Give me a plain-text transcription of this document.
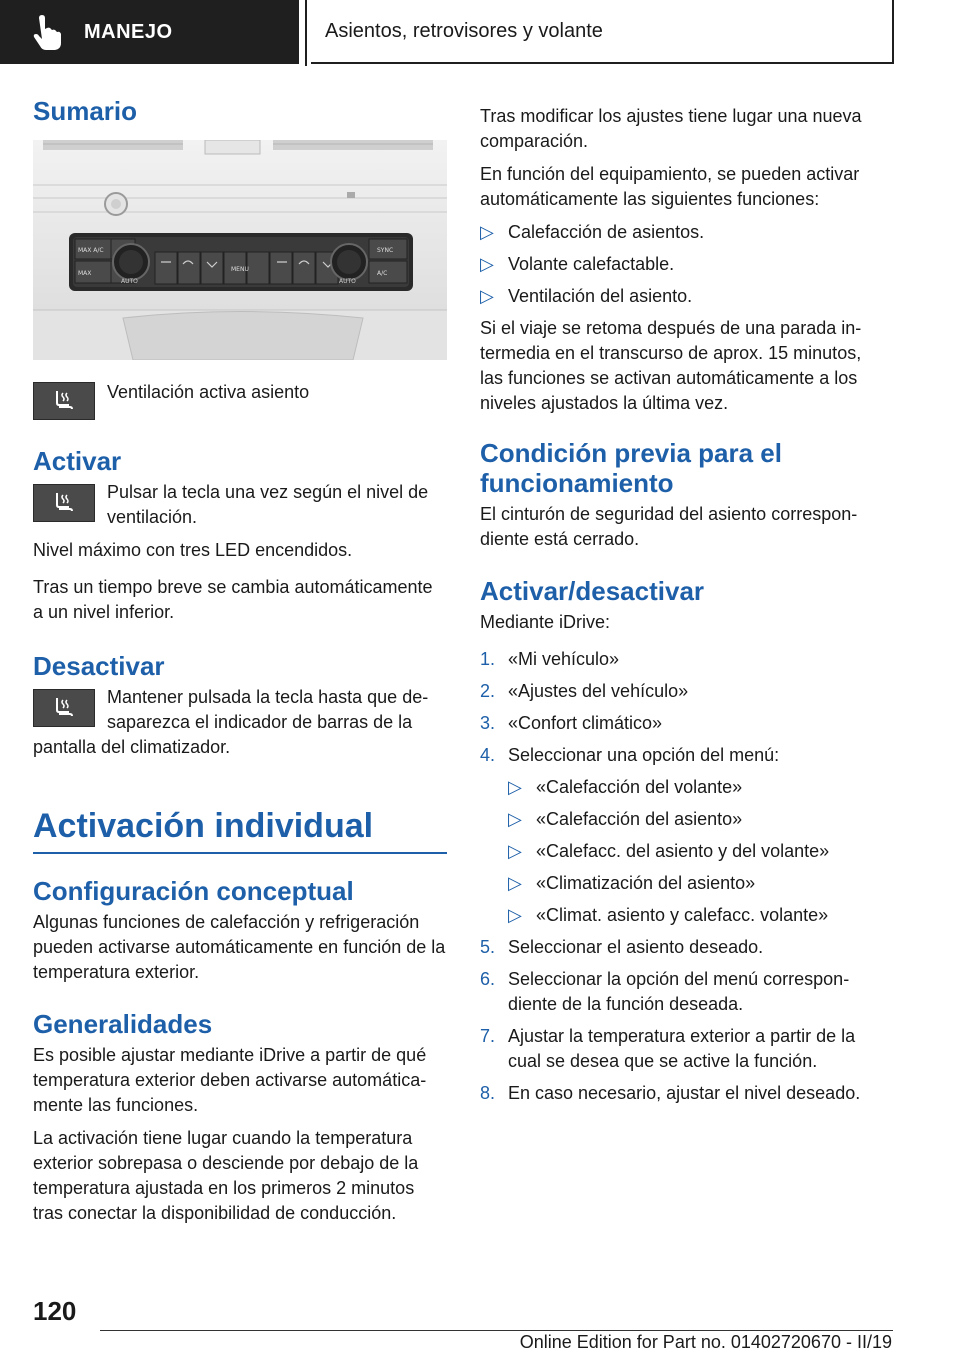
MANEJO	Asientos, retrovisores y volante
Sumario
MAX A/C
MAX
AUTO
MENU
AUTO
SYNC
A/C

Ventilación activa asiento

Activar

Pulsar la tecla una vez según el nivel de ventilación.

Nivel máximo con tres LED encendidos.

Tras un tiempo breve se cambia automáticamente a un nivel inferior.

Desactivar

Mantener pulsada la tecla hasta que desaparezca el indicador de barras de la pantalla del climatizador.

Activación individual
Configuración conceptual

Algunas funciones de calefacción y refrigeración pueden activarse automáticamente en función de la temperatura exterior.

Generalidades

Es posible ajustar mediante iDrive a partir de qué temperatura exterior deben activarse automáticamente las funciones.

La activación tiene lugar cuando la temperatura exterior sobrepasa o desciende por debajo de la temperatura ajustada en los primeros 2 minutos tras conectar la disponibilidad de conducción.

Tras modificar los ajustes tiene lugar una nueva comparación.

En función del equipamiento, se pueden activar automáticamente las siguientes funciones:

▷ Calefacción de asientos.
▷ Volante calefactable.
▷ Ventilación del asiento.

Si el viaje se retoma después de una parada intermedia en el transcurso de aprox. 15 minutos, las funciones se activan automáticamente a los niveles ajustados la última vez.

Condición previa para el funcionamiento

El cinturón de seguridad del asiento correspondiente está cerrado.

Activar/desactivar

Mediante iDrive:

1. «Mi vehículo»
2. «Ajustes del vehículo»
3. «Confort climático»
4. Seleccionar una opción del menú:
▷ «Calefacción del volante»
▷ «Calefacción del asiento»
▷ «Calefacc. del asiento y del volante»
▷ «Climatización del asiento»
▷ «Climat. asiento y calefacc. volante»
5. Seleccionar el asiento deseado.
6. Seleccionar la opción del menú correspondiente de la función deseada.
7. Ajustar la temperatura exterior a partir de la cual se desea que se active la función.
8. En caso necesario, ajustar el nivel deseado.
120
Online Edition for Part no. 01402720670 - II/19
